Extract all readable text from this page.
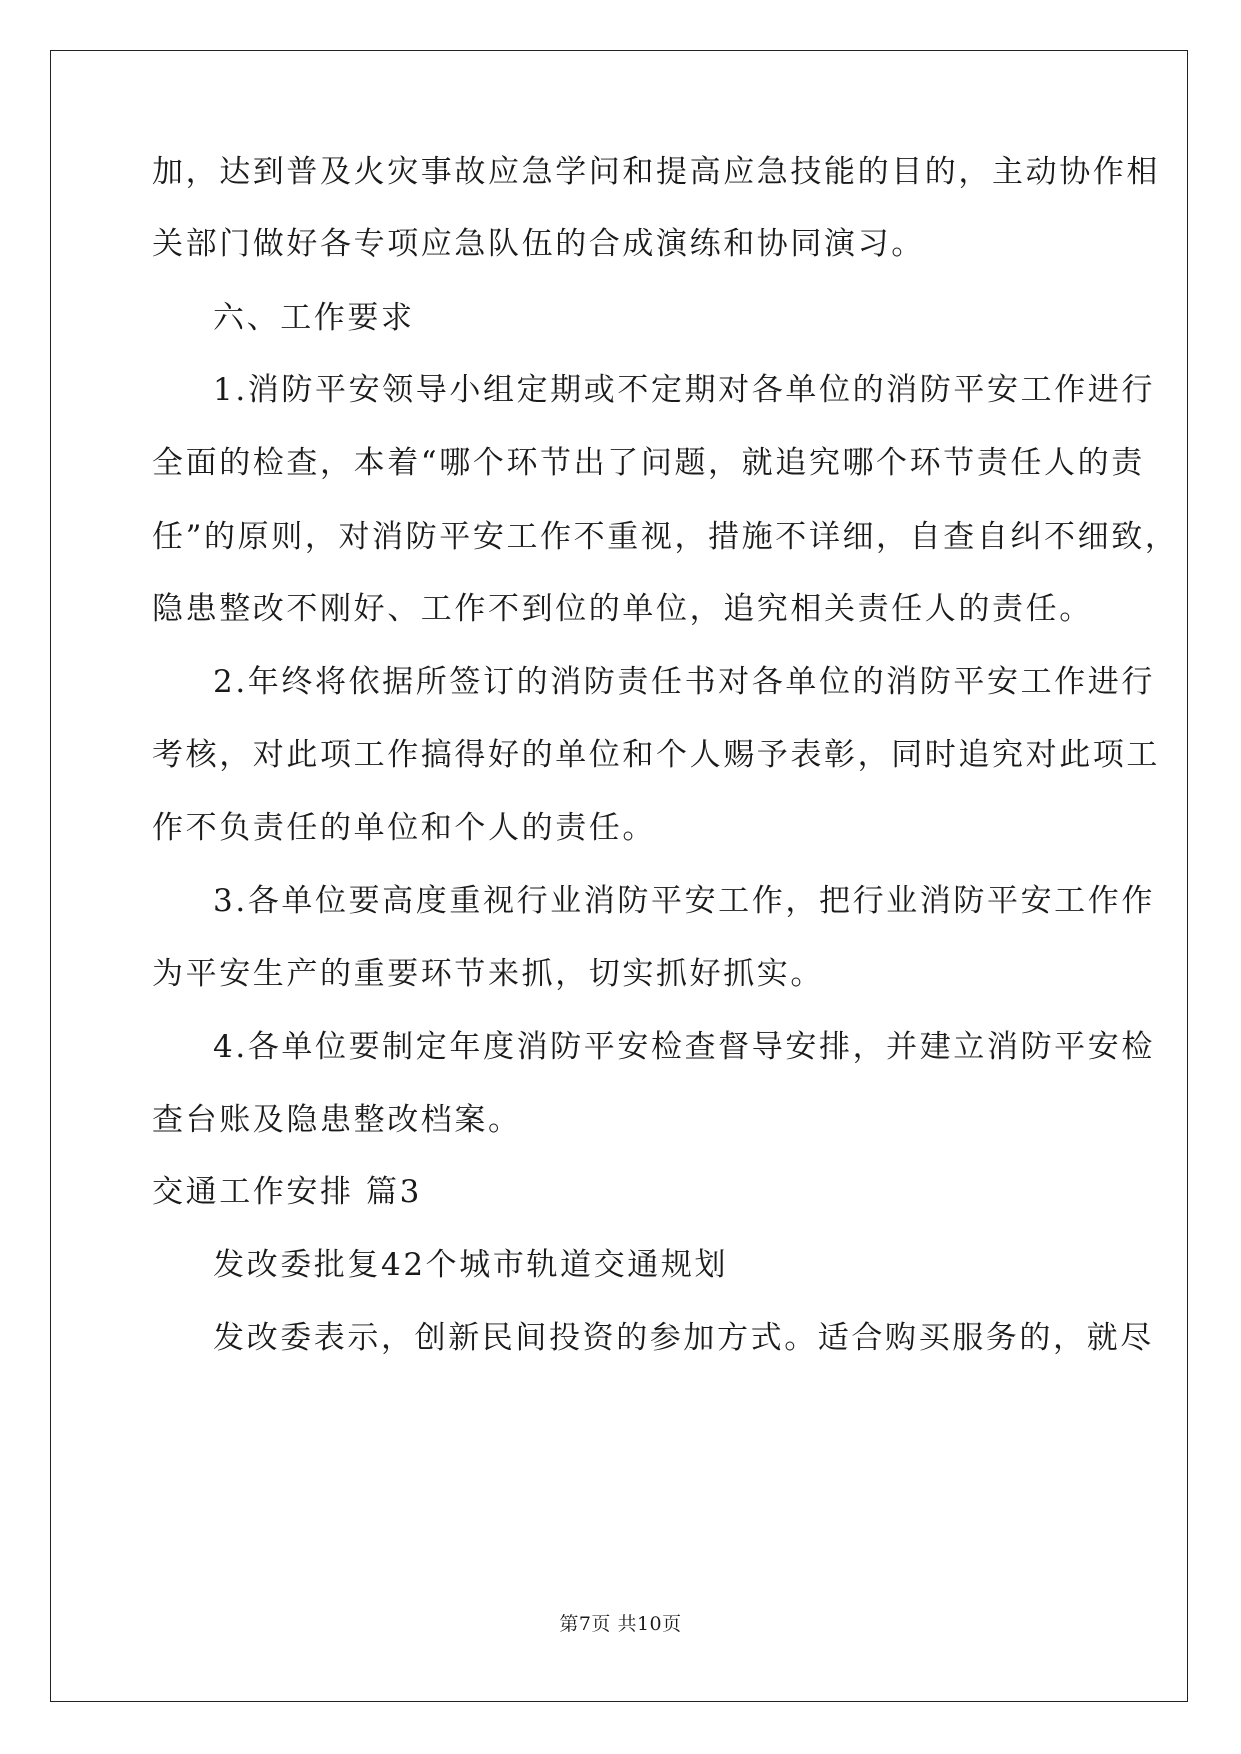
加，达到普及火灾事故应急学问和提高应急技能的目的，主动协作相

关部门做好各专项应急队伍的合成演练和协同演习。

六、工作要求

1.消防平安领导小组定期或不定期对各单位的消防平安工作进行

全面的检查，本着“哪个环节出了问题，就追究哪个环节责任人的责

任”的原则，对消防平安工作不重视，措施不详细，自查自纠不细致，

隐患整改不刚好、工作不到位的单位，追究相关责任人的责任。

2.年终将依据所签订的消防责任书对各单位的消防平安工作进行

考核，对此项工作搞得好的单位和个人赐予表彰，同时追究对此项工

作不负责任的单位和个人的责任。

3.各单位要高度重视行业消防平安工作，把行业消防平安工作作

为平安生产的重要环节来抓，切实抓好抓实。

4.各单位要制定年度消防平安检查督导安排，并建立消防平安检

查台账及隐患整改档案。

交通工作安排 篇3

发改委批复42个城市轨道交通规划

发改委表示，创新民间投资的参加方式。适合购买服务的，就尽

第7页 共10页
